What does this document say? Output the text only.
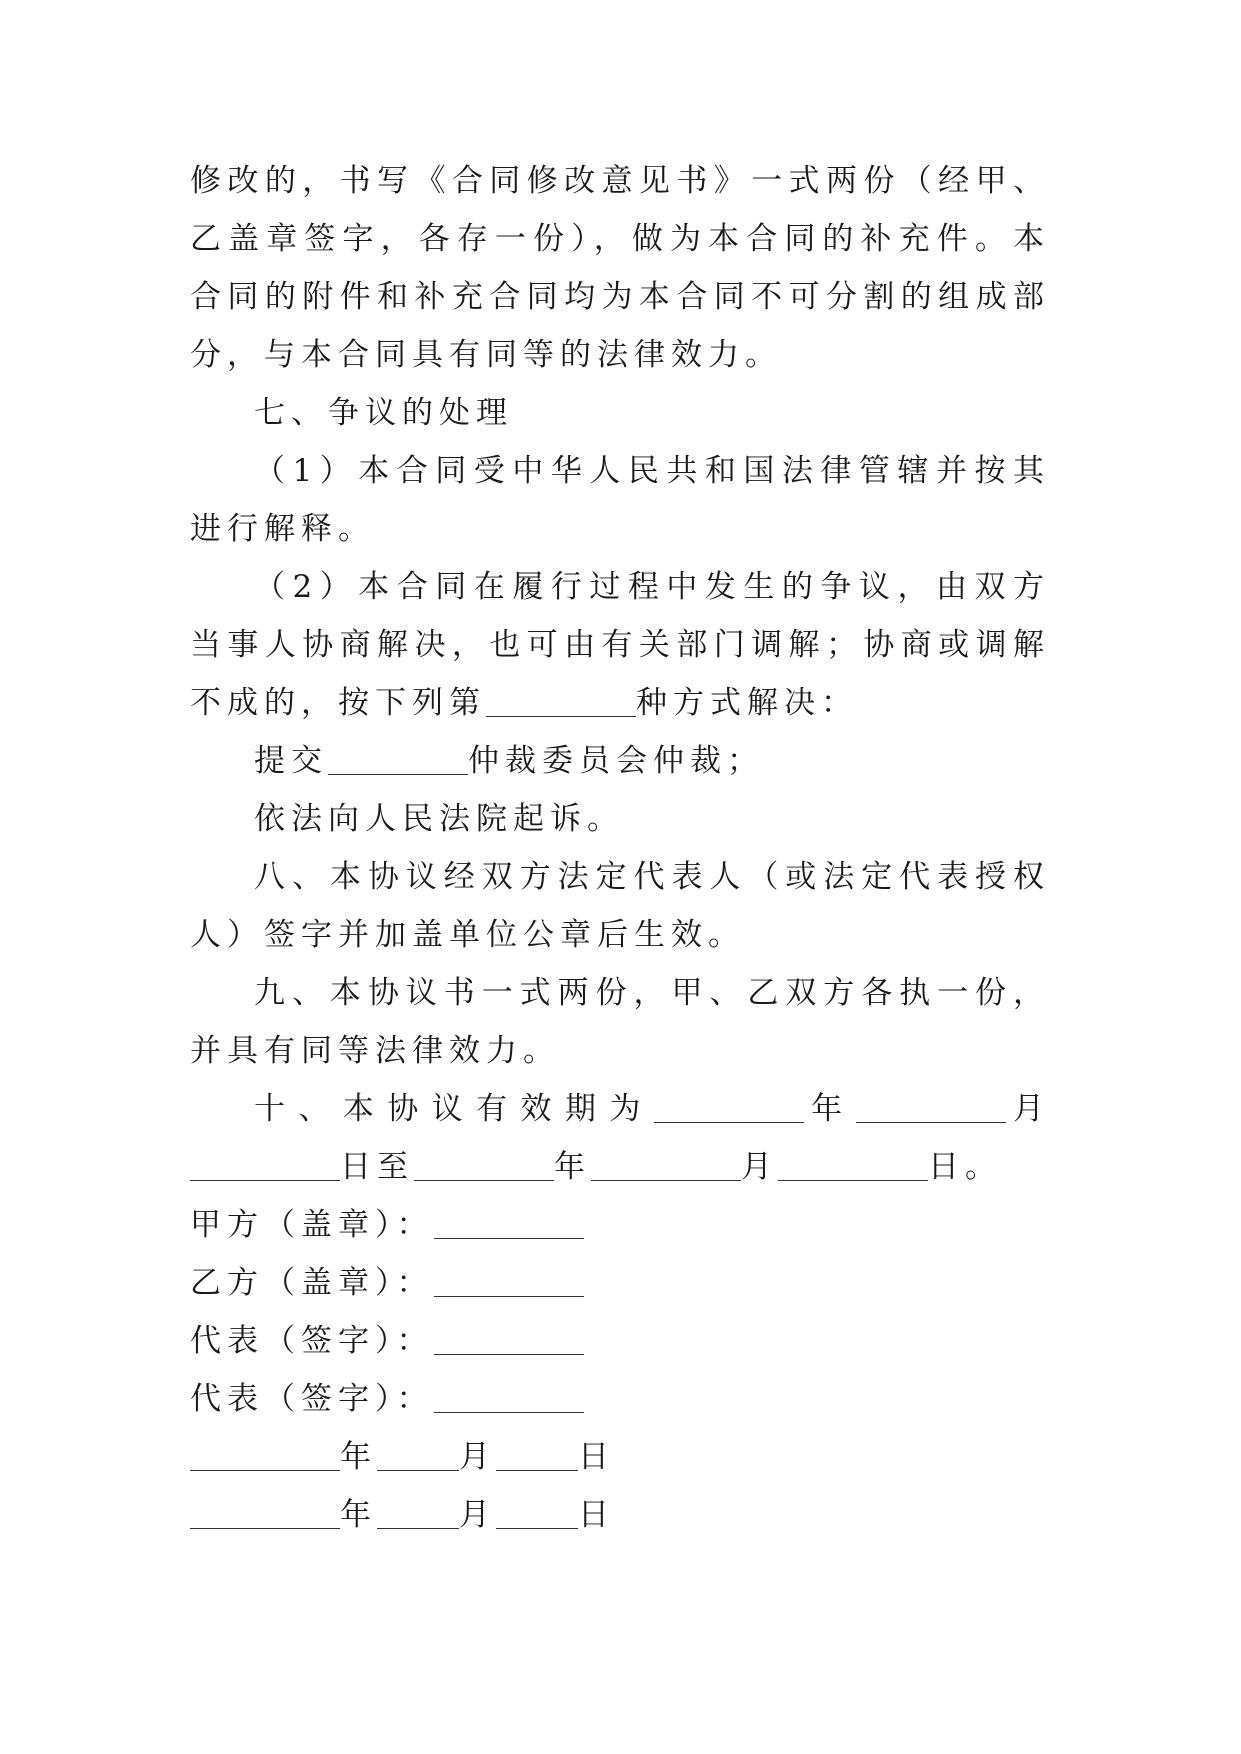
修改的，书写《合同修改意见书》一式两份（经甲、乙盖章签字，各存一份），做为本合同的补充件。本合同的附件和补充合同均为本合同不可分割的组成部分，与本合同具有同等的法律效力。

七、争议的处理

（1）本合同受中华人民共和国法律管辖并按其进行解释。

（2）本合同在履行过程中发生的争议，由双方当事人协商解决，也可由有关部门调解；协商或调解不成的，按下列第	种方式解决：

提交	仲裁委员会仲裁；

依法向人民法院起诉。

八、本协议经双方法定代表人（或法定代表授权人）签字并加盖单位公章后生效。

九、本协议书一式两份，甲、乙双方各执一份，并具有同等法律效力。

十、本协议有效期为	年	月日至	年	月	日。

甲方（盖章）：

乙方（盖章）：

代表（签字）：

代表（签字）：

年	月	日

年	月	日
